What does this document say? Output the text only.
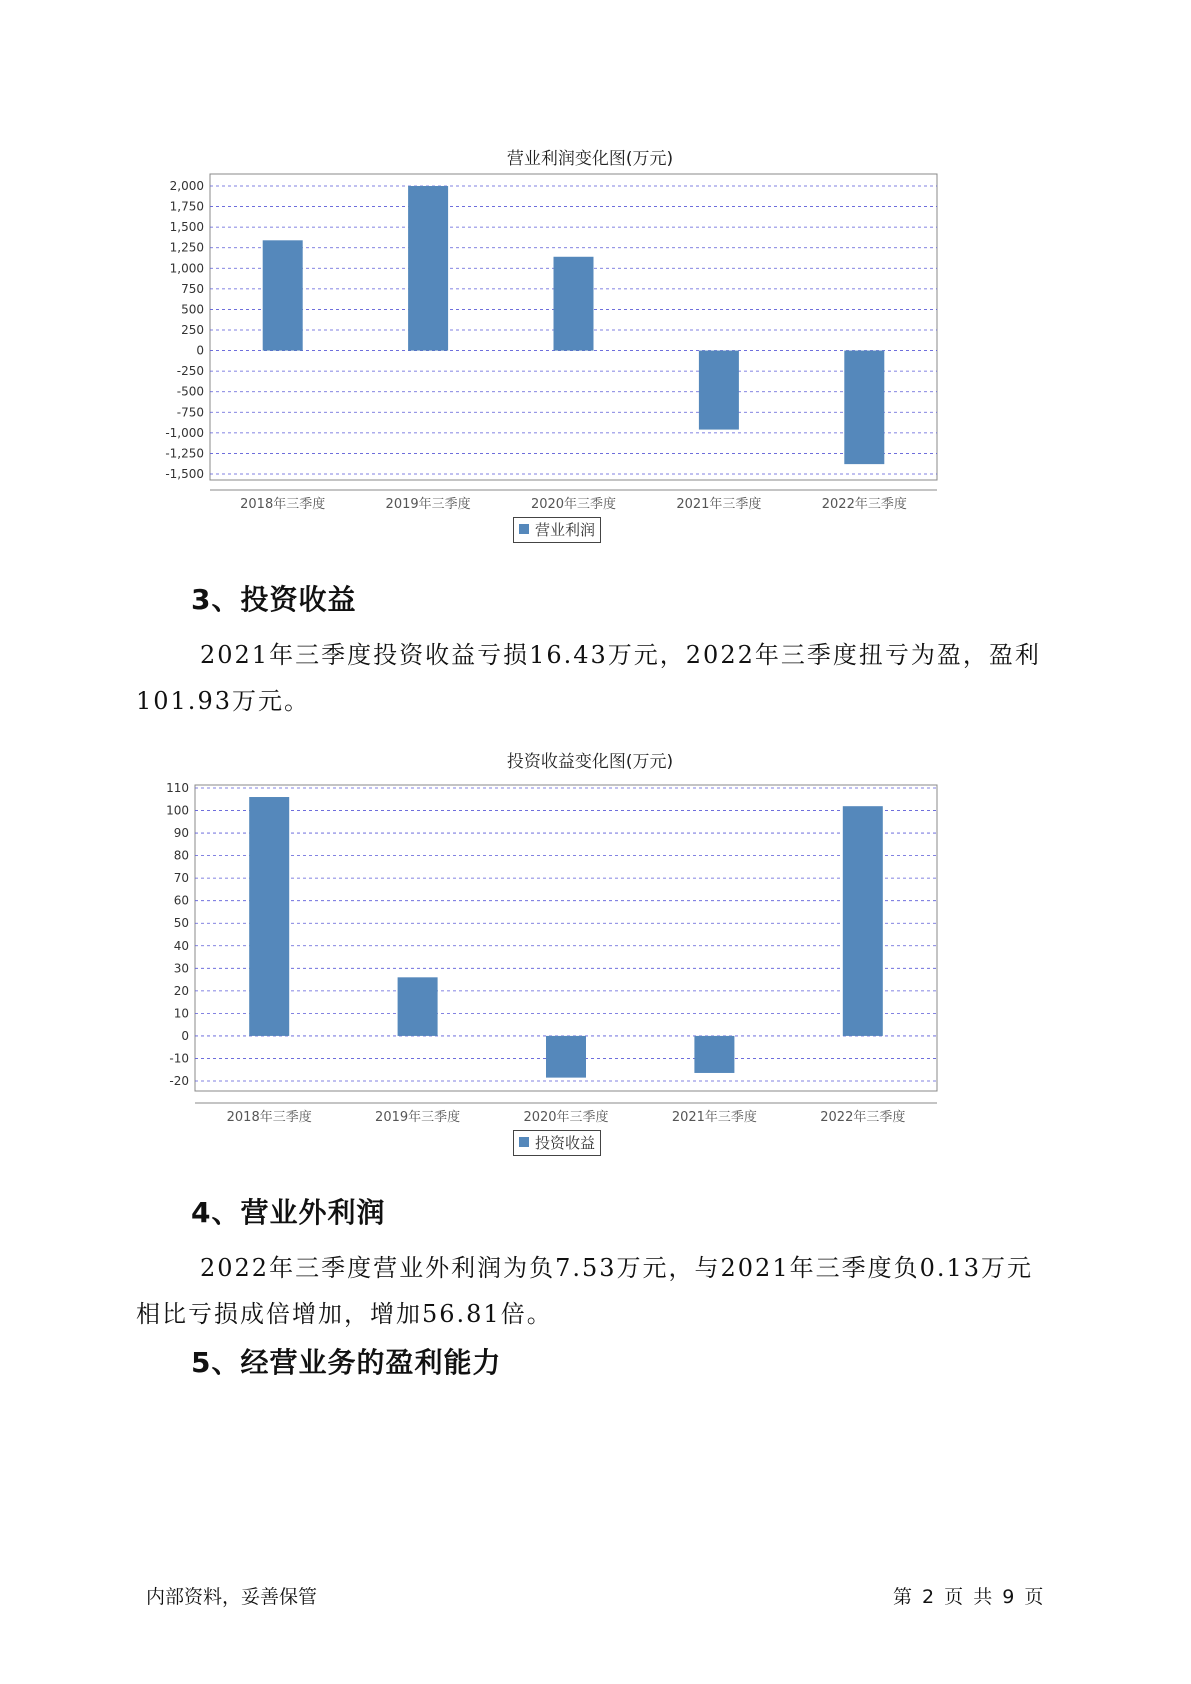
营业利润变化图(万元)
2,000
1,750
1,500
1,250
1,000
750
500
250
0
-250
-500
-750
-1,000
-1,250
-1,500
2018年三季度	2019年三季度	2020年三季度	2021年三季度	2022年三季度
营业利润
3、投资收益
2021年三季度投资收益亏损16.43万元，2022年三季度扭亏为盈，盈利
101.93万元。
投资收益变化图(万元)
110
100
90
80
70
60
50
40
30
20
10
0
-10
-20
2018年三季度	2019年三季度	2020年三季度	2021年三季度	2022年三季度
投资收益
4、营业外利润
2022年三季度营业外利润为负7.53万元，与2021年三季度负0.13万元
相比亏损成倍增加，增加56.81倍。
5、经营业务的盈利能力
内部资料，妥善保管	第 2 页 共 9 页
